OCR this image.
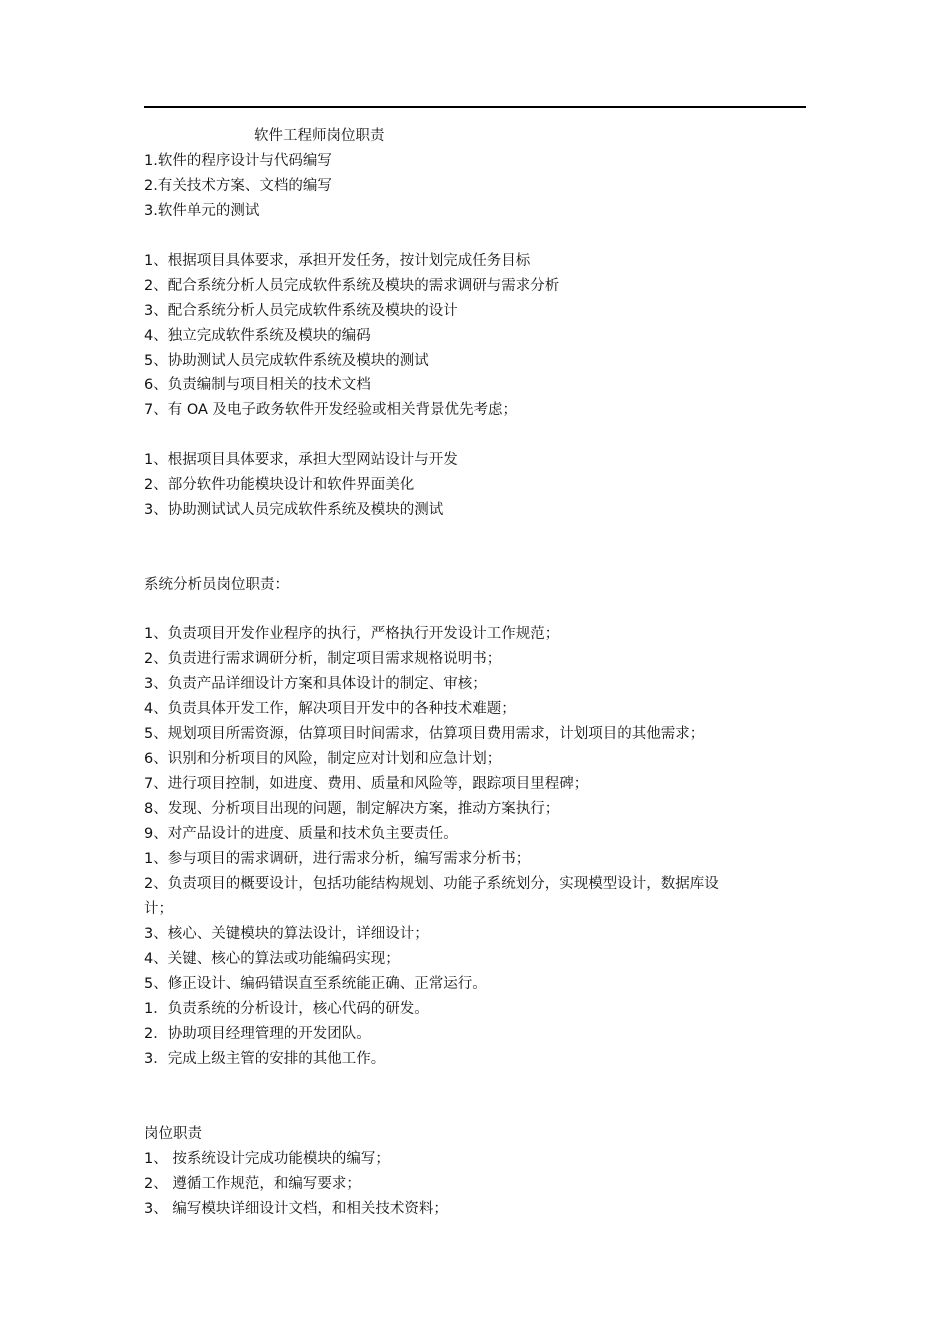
软件工程师岗位职责
1.软件的程序设计与代码编写
2.有关技术方案、文档的编写
3.软件单元的测试
1、根据项目具体要求，承担开发任务，按计划完成任务目标
2、配合系统分析人员完成软件系统及模块的需求调研与需求分析
3、配合系统分析人员完成软件系统及模块的设计
4、独立完成软件系统及模块的编码
5、协助测试人员完成软件系统及模块的测试
6、负责编制与项目相关的技术文档
7、有 OA 及电子政务软件开发经验或相关背景优先考虑；
1、根据项目具体要求，承担大型网站设计与开发
2、部分软件功能模块设计和软件界面美化
3、协助测试试人员完成软件系统及模块的测试
系统分析员岗位职责：
1、负责项目开发作业程序的执行，严格执行开发设计工作规范；
2、负责进行需求调研分析，制定项目需求规格说明书；
3、负责产品详细设计方案和具体设计的制定、审核；
4、负责具体开发工作，解决项目开发中的各种技术难题；
5、规划项目所需资源，估算项目时间需求，估算项目费用需求，计划项目的其他需求；
6、识别和分析项目的风险，制定应对计划和应急计划；
7、进行项目控制，如进度、费用、质量和风险等，跟踪项目里程碑；
8、发现、分析项目出现的问题，制定解决方案，推动方案执行；
9、对产品设计的进度、质量和技术负主要责任。
1、参与项目的需求调研，进行需求分析，编写需求分析书；
2、负责项目的概要设计，包括功能结构规划、功能子系统划分，实现模型设计，数据库设
计；
3、核心、关键模块的算法设计，详细设计；
4、关键、核心的算法或功能编码实现；
5、修正设计、编码错误直至系统能正确、正常运行。
1．负责系统的分析设计，核心代码的研发。
2．协助项目经理管理的开发团队。
3．完成上级主管的安排的其他工作。
岗位职责
1、 按系统设计完成功能模块的编写；
2、 遵循工作规范，和编写要求；
3、 编写模块详细设计文档，和相关技术资料；
